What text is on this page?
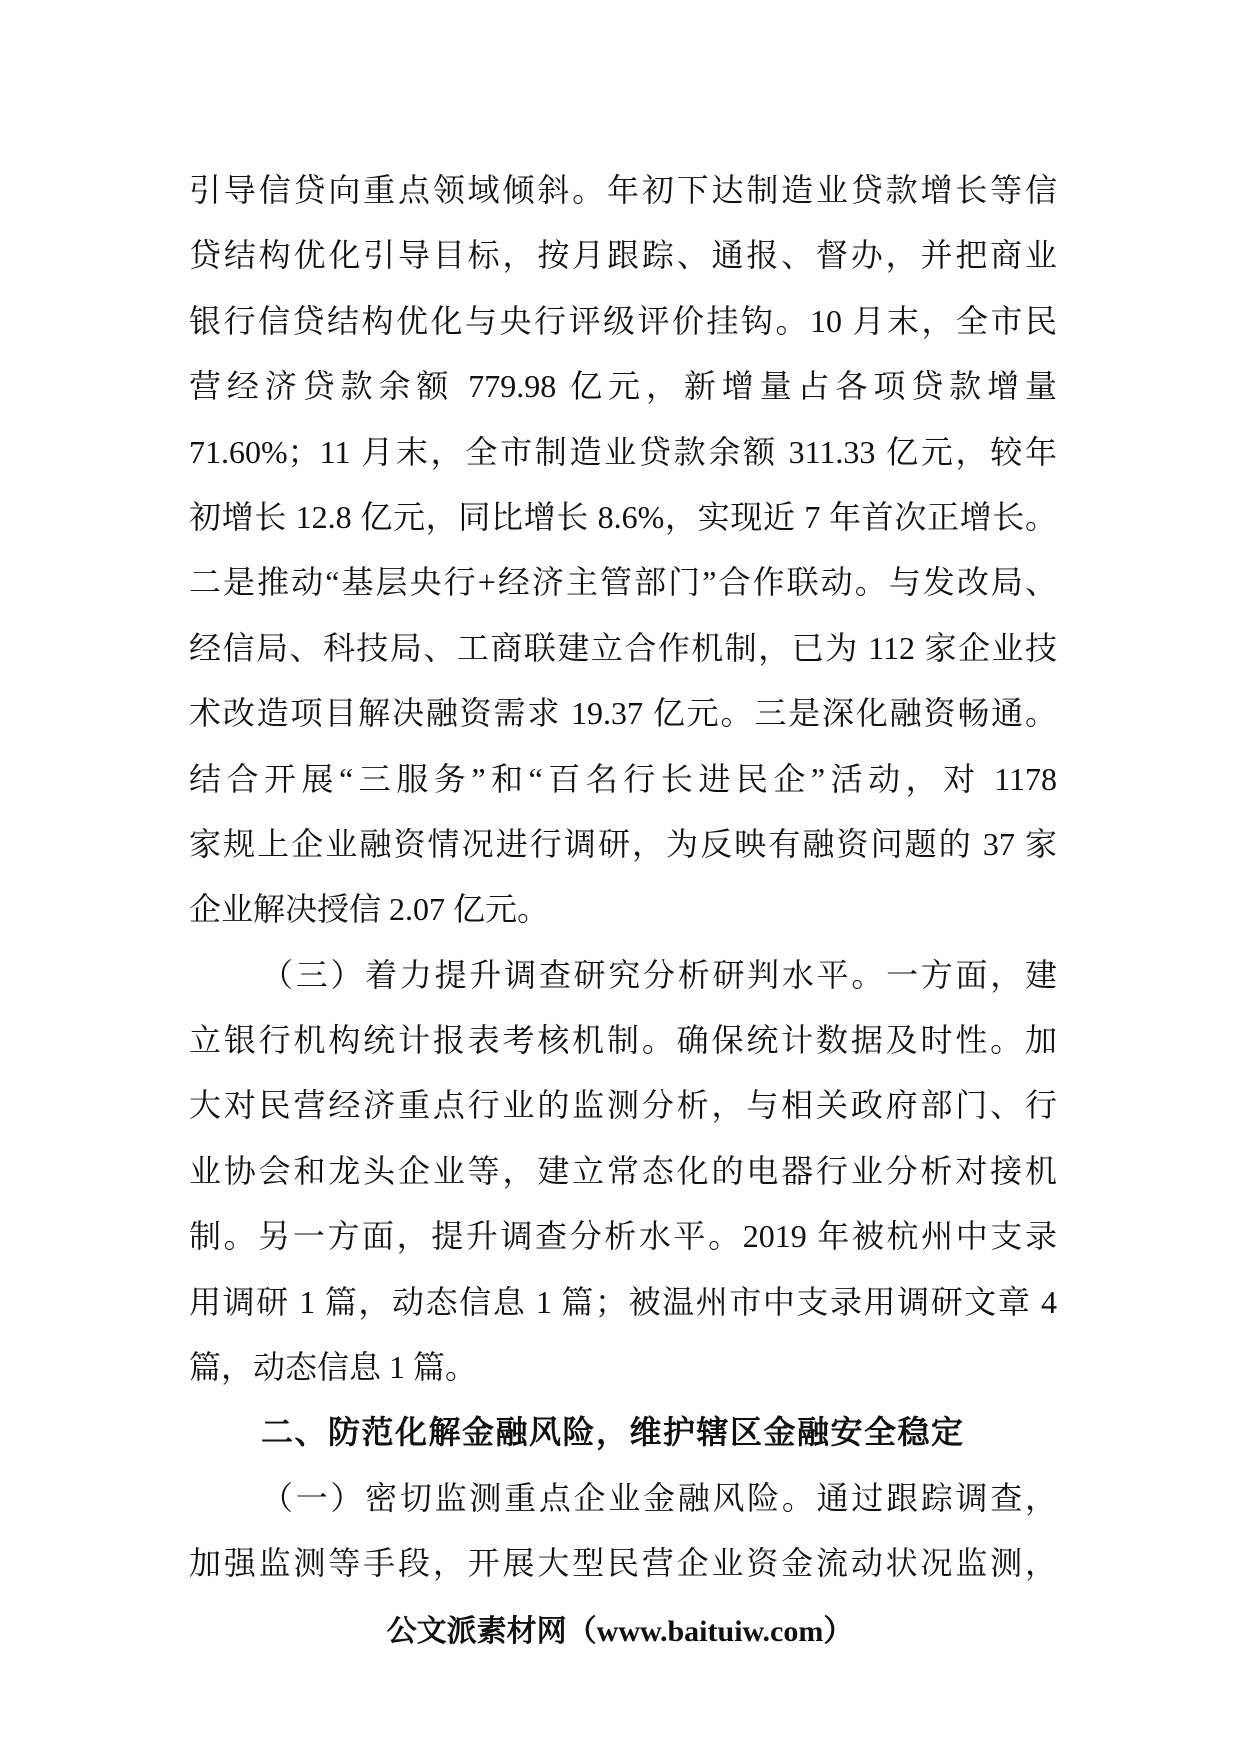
引导信贷向重点领域倾斜。年初下达制造业贷款增长等信
贷结构优化引导目标，按月跟踪、通报、督办，并把商业
银行信贷结构优化与央行评级评价挂钩。10 月末，全市民
营经济贷款余额 779.98 亿元，新增量占各项贷款增量
71.60%；11 月末，全市制造业贷款余额 311.33 亿元，较年
初增长 12.8 亿元，同比增长 8.6%，实现近 7 年首次正增长。
二是推动“基层央行+经济主管部门”合作联动。与发改局、
经信局、科技局、工商联建立合作机制，已为 112 家企业技
术改造项目解决融资需求 19.37 亿元。三是深化融资畅通。
结合开展“三服务”和“百名行长进民企”活动，对 1178
家规上企业融资情况进行调研，为反映有融资问题的 37 家
企业解决授信 2.07 亿元。
（三）着力提升调查研究分析研判水平。一方面，建
立银行机构统计报表考核机制。确保统计数据及时性。加
大对民营经济重点行业的监测分析，与相关政府部门、行
业协会和龙头企业等，建立常态化的电器行业分析对接机
制。另一方面，提升调查分析水平。2019 年被杭州中支录
用调研 1 篇，动态信息 1 篇；被温州市中支录用调研文章 4
篇，动态信息 1 篇。
二、防范化解金融风险，维护辖区金融安全稳定
（一）密切监测重点企业金融风险。通过跟踪调查，
加强监测等手段，开展大型民营企业资金流动状况监测，
公文派素材网（www.baituiw.com）
